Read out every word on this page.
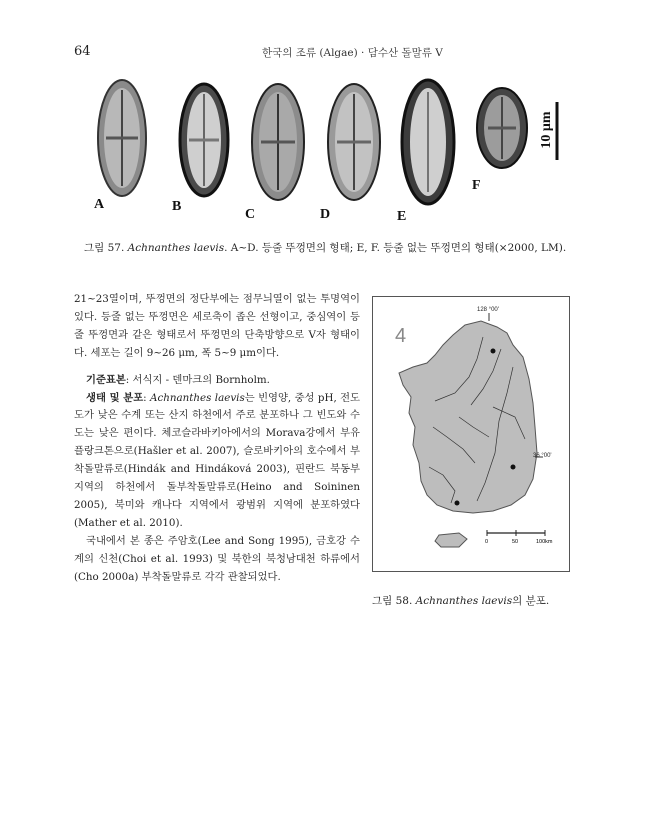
64	한국의 조류 (Algae) · 담수산 돌말류 V
10 μm
A	B
C	D	E
F
그림 57. Achnanthes laevis. A~D. 등줄 뚜껑면의 형태; E, F. 등줄 없는 뚜껑면의 형태(×2000, LM).

21~23열이며, 뚜껑면의 정단부에는 점무늬열이 없는 투명역이 있다. 등줄 없는 뚜껑면은 세로축이 좁은 선형이고, 중심역이 등줄 뚜껑면과 같은 형태로서 뚜껑면의 단축방향으로 V자 형태이다. 세포는 길이 9~26 μm, 폭 5~9 μm이다.

기준표본: 서식지 - 덴마크의 Bornholm.

생태 및 분포: Achnanthes laevis는 빈영양, 중성 pH, 전도도가 낮은 수계 또는 산지 하천에서 주로 분포하나 그 빈도와 수도는 낮은 편이다. 체코슬라바키아에서의 Morava강에서 부유 플랑크톤으로(Hašler et al. 2007), 슬로바키아의 호수에서 부착돌말류로(Hindák and Hindáková 2003), 핀란드 북동부 지역의 하천에서 돌부착돌말류로(Heino and Soininen 2005), 북미와 캐나다 지역에서 광범위 지역에 분포하였다(Mather et al. 2010).

국내에서 본 종은 주암호(Lee and Song 1995), 금호강 수계의 신천(Choi et al. 1993) 및 북한의 북청남대천 하류에서(Cho 2000a) 부착돌말류로 각각 관찰되었다.

128 °00'
4
36 °00'
0	50	100km
그림 58. Achnanthes laevis의 분포.
